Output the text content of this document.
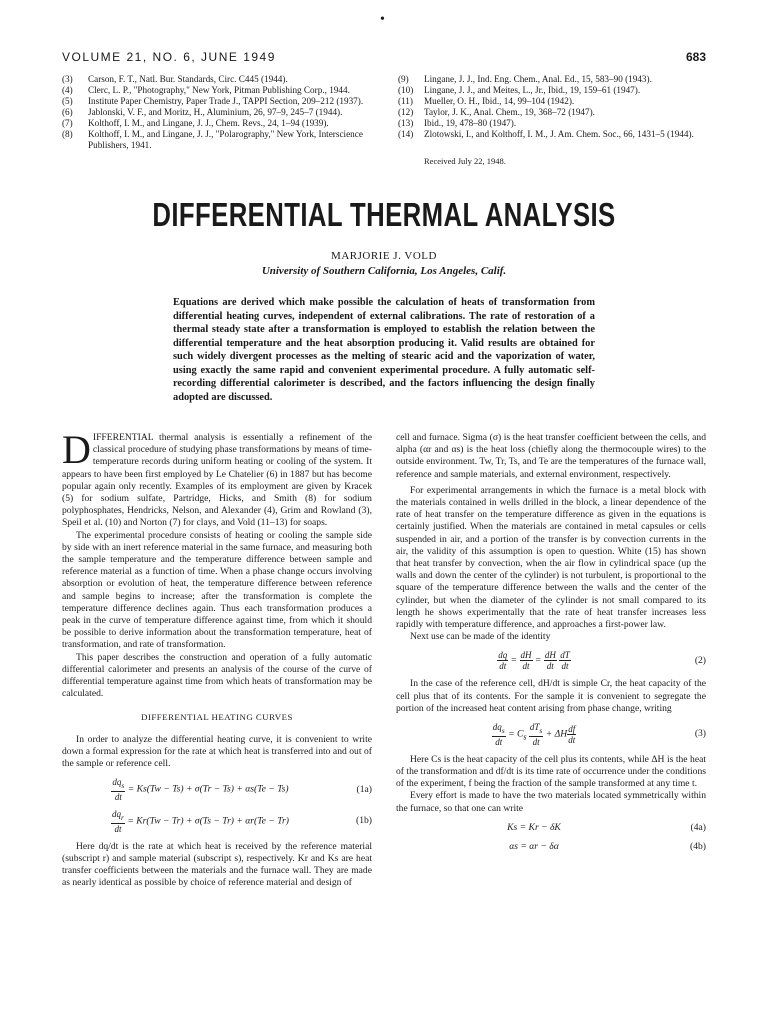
•
VOLUME 21, NO. 6, JUNE 1949	683
(3)	Carson, F. T., Natl. Bur. Standards, Circ. C445 (1944).
(4)	Clerc, L. P., "Photography," New York, Pitman Publishing Corp., 1944.
(5)	Institute Paper Chemistry, Paper Trade J., TAPPI Section, 209–212 (1937).
(6)	Jablonski, V. F., and Moritz, H., Aluminium, 26, 97–9, 245–7 (1944).
(7)	Kolthoff, I. M., and Lingane, J. J., Chem. Revs., 24, 1–94 (1939).
(8)	Kolthoff, I. M., and Lingane, J. J., "Polarography," New York, Interscience Publishers, 1941.
(9)	Lingane, J. J., Ind. Eng. Chem., Anal. Ed., 15, 583–90 (1943).
(10)	Lingane, J. J., and Meites, L., Jr., Ibid., 19, 159–61 (1947).
(11)	Mueller, O. H., Ibid., 14, 99–104 (1942).
(12)	Taylor, J. K., Anal. Chem., 19, 368–72 (1947).
(13)	Ibid., 19, 478–80 (1947).
(14)	Zlotowski, I., and Kolthoff, I. M., J. Am. Chem. Soc., 66, 1431–5 (1944).
Received July 22, 1948.
DIFFERENTIAL THERMAL ANALYSIS
MARJORIE J. VOLD
University of Southern California, Los Angeles, Calif.
Equations are derived which make possible the calculation of heats of transformation from differential heating curves, independent of external calibrations. The rate of restoration of a thermal steady state after a transformation is employed to establish the relation between the differential temperature and the heat absorption producing it. Valid results are obtained for such widely divergent processes as the melting of stearic acid and the vaporization of water, using exactly the same rapid and convenient experimental procedure. A fully automatic self-recording differential calorimeter is described, and the factors influencing the design finally adopted are discussed.

DIFFERENTIAL thermal analysis is essentially a refinement of the classical procedure of studying phase transformations by means of time-temperature records during uniform heating or cooling of the system. It appears to have been first employed by Le Chatelier (6) in 1887 but has become popular again only recently. Examples of its employment are given by Kracek (5) for sodium sulfate, Partridge, Hicks, and Smith (8) for sodium polyphosphates, Hendricks, Nelson, and Alexander (4), Grim and Rowland (3), Speil et al. (10) and Norton (7) for clays, and Vold (11–13) for soaps.

The experimental procedure consists of heating or cooling the sample side by side with an inert reference material in the same furnace, and measuring both the sample temperature and the temperature difference between sample and reference material as a function of time. When a phase change occurs involving absorption or evolution of heat, the temperature difference between reference and sample begins to increase; after the transformation is complete the temperature difference declines again. Thus each transformation produces a peak in the curve of temperature difference against time, from which it should be possible to derive information about the transformation temperature, heat of transformation, and rate of transformation.

This paper describes the construction and operation of a fully automatic differential calorimeter and presents an analysis of the course of the curve of differential temperature against time from which heats of transformation may be calculated.

DIFFERENTIAL HEATING CURVES

In order to analyze the differential heating curve, it is convenient to write down a formal expression for the rate at which heat is transferred into and out of the sample or reference cell.

$\frac{dq_s}{dt} = Ks(Tw - Ts) + \sigma(Tr - Ts) + \alpha s(Te - Ts)$	(1a)
$\frac{dq_r}{dt} = Kr(Tw - Tr) + \sigma(Ts - Tr) + \alpha r(Te - Tr)$	(1b)

Here dq/dt is the rate at which heat is received by the reference material (subscript r) and sample material (subscript s), respectively. Kr and Ks are heat transfer coefficients between the materials and the furnace wall. They are made as nearly identical as possible by choice of reference material and design of

cell and furnace. Sigma (σ) is the heat transfer coefficient between the cells, and alpha (αr and αs) is the heat loss (chiefly along the thermocouple wires) to the outside environment. Tw, Tr, Ts, and Te are the temperatures of the furnace wall, reference and sample materials, and external environment, respectively.

For experimental arrangements in which the furnace is a metal block with the materials contained in wells drilled in the block, a linear dependence of the rate of heat transfer on the temperature difference as given in the equations is certainly justified. When the materials are contained in metal capsules or cells suspended in air, and a portion of the transfer is by convection currents in the air, the validity of this assumption is open to question. White (15) has shown that heat transfer by convection, when the air flow in cylindrical space (up the walls and down the center of the cylinder) is not turbulent, is proportional to the square of the temperature difference between the walls and the center of the cylinder, but when the diameter of the cylinder is not small compared to its length he shows experimentally that the rate of heat transfer increases less rapidly with temperature difference, and approaches a first-power law.

Next use can be made of the identity

$\frac{dq}{dt} = \frac{dH}{dt} = \frac{dH}{dt}$
$\frac{dT}{dt}$	(2)

In the case of the reference cell, dH/dt is simple Cr, the heat capacity of the cell plus that of its contents. For the sample it is convenient to segregate the portion of the increased heat content arising from phase change, writing

$\frac{dq_s}{dt} = C_s \frac{dT_s}{dt} + \Delta H \frac{df}{dt}$	(3)

Here Cs is the heat capacity of the cell plus its contents, while ΔH is the heat of the transformation and df/dt is its time rate of occurrence under the conditions of the experiment, f being the fraction of the sample transformed at any time t.

Every effort is made to have the two materials located symmetrically within the furnace, so that one can write

Ks = Kr − δK	(4a)
αs = αr − δα	(4b)
